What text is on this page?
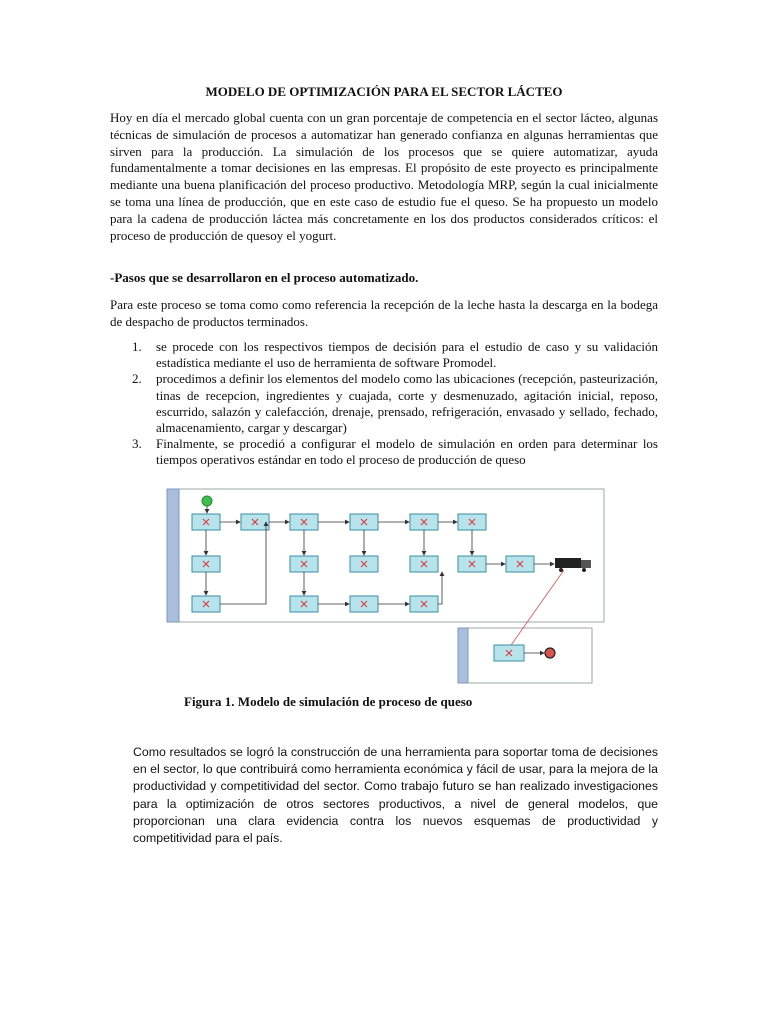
MODELO DE OPTIMIZACIÓN PARA EL SECTOR LÁCTEO

Hoy en día el mercado global cuenta con un gran porcentaje de competencia en el sector lácteo, algunas técnicas de simulación de procesos a automatizar han generado confianza en algunas herramientas que sirven para la producción. La simulación de los procesos que se quiere automatizar, ayuda fundamentalmente a tomar decisiones en las empresas. El propósito de este proyecto es principalmente mediante una buena planificación del proceso productivo. Metodología MRP, según la cual inicialmente se toma una línea de producción, que en este caso de estudio fue el queso. Se ha propuesto un modelo para la cadena de producción láctea más concretamente en los dos productos considerados críticos: el proceso de producción de quesoy el yogurt.

-Pasos que se desarrollaron en el proceso automatizado.

Para este proceso se toma como como referencia la recepción de la leche hasta la descarga en la bodega de despacho de productos terminados.

1. se procede con los respectivos tiempos de decisión para el estudio de caso y su validación estadística mediante el uso de herramienta de software Promodel.
2. procedimos a definir los elementos del modelo como las ubicaciones (recepción, pasteurización, tinas de recepcion, ingredientes y cuajada, corte y desmenuzado, agitación inicial, reposo, escurrido, salazón y calefacción, drenaje, prensado, refrigeración, envasado y sellado, fechado, almacenamiento, cargar y descargar)
3. Finalmente, se procedió a configurar el modelo de simulación en orden para determinar los tiempos operativos estándar en todo el proceso de producción de queso
Figura 1. Modelo de simulación de proceso de queso

Como resultados se logró la construcción de una herramienta para soportar toma de decisiones en el sector, lo que contribuirá como herramienta económica y fácil de usar, para la mejora de la productividad y competitividad del sector. Como trabajo futuro se han realizado investigaciones para la optimización de otros sectores productivos, a nivel de general modelos, que proporcionan una clara evidencia contra los nuevos esquemas de productividad y competitividad para el país.
